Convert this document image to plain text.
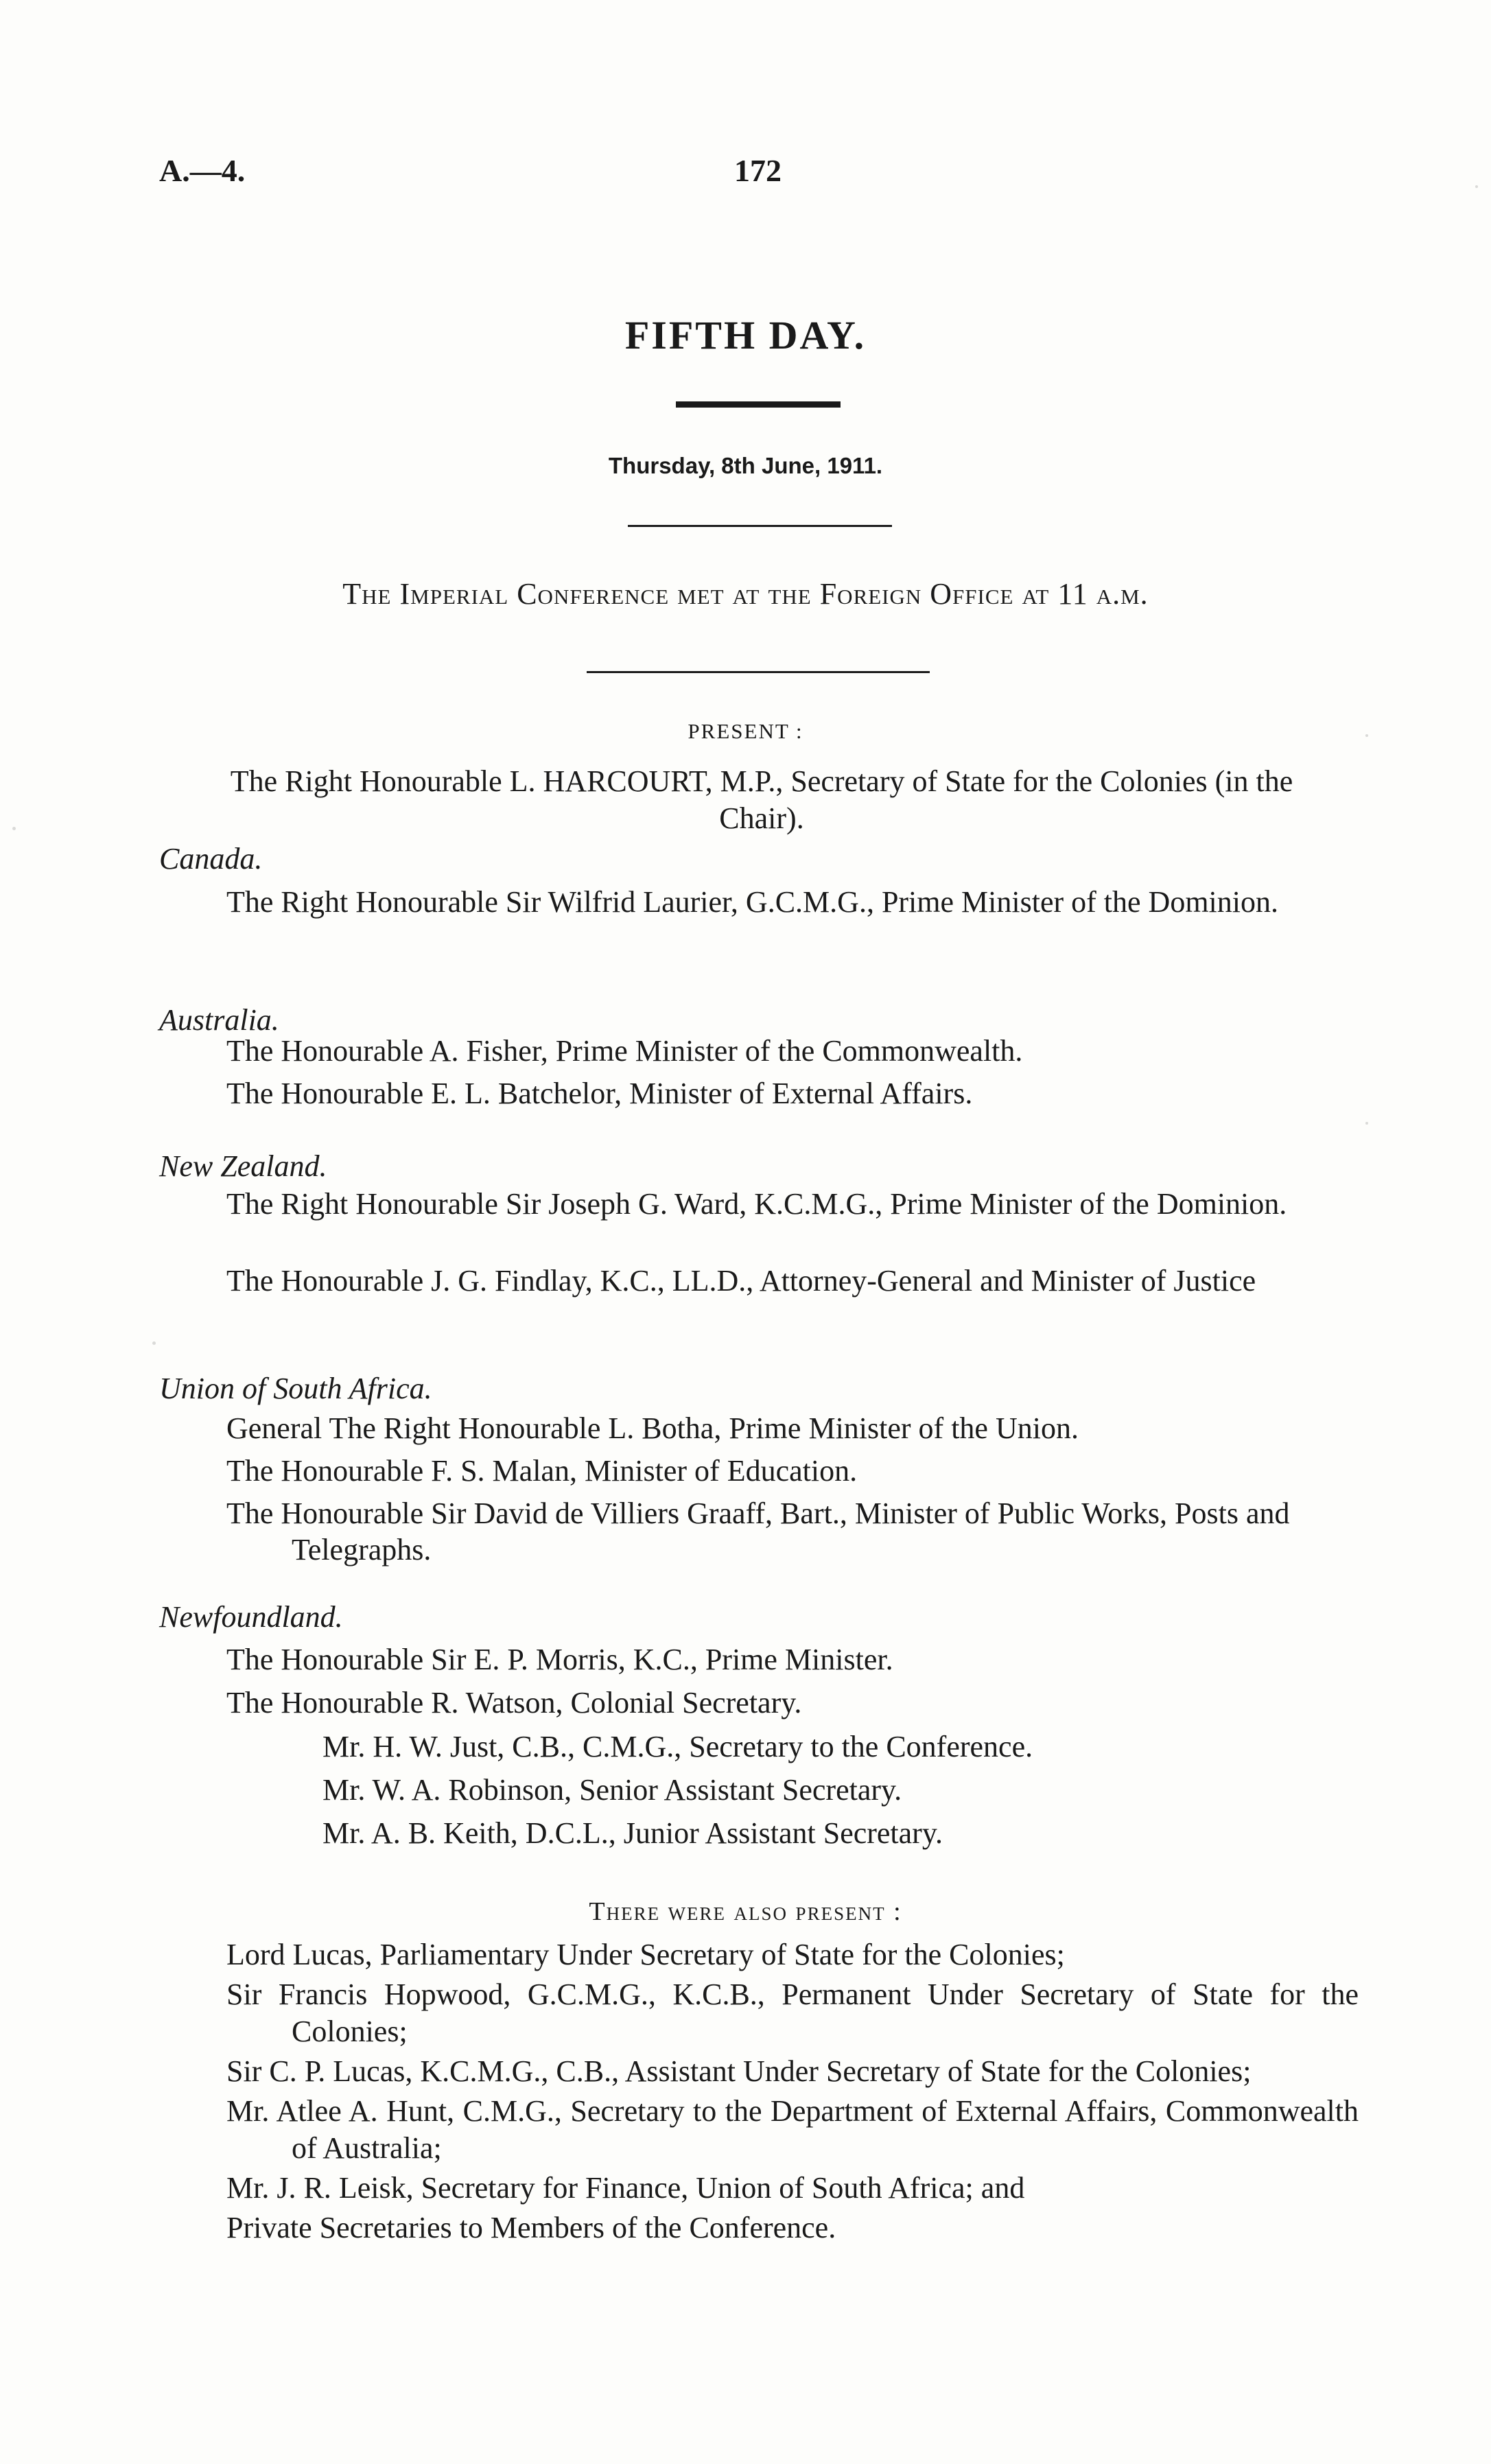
A.—4.	172
FIFTH DAY.
Thursday, 8th June, 1911.
The Imperial Conference met at the Foreign Office at 11 a.m.
PRESENT :
The Right Honourable L. HARCOURT, M.P., Secretary of State for the Colonies (in the Chair).
Canada.
The Right Honourable Sir Wilfrid Laurier, G.C.M.G., Prime Minister of the Dominion.
Australia.
The Honourable A. Fisher, Prime Minister of the Commonwealth.
The Honourable E. L. Batchelor, Minister of External Affairs.
New Zealand.
The Right Honourable Sir Joseph G. Ward, K.C.M.G., Prime Minister of the Dominion.
The Honourable J. G. Findlay, K.C., LL.D., Attorney-General and Minister of Justice
Union of South Africa.
General The Right Honourable L. Botha, Prime Minister of the Union.
The Honourable F. S. Malan, Minister of Education.
The Honourable Sir David de Villiers Graaff, Bart., Minister of Public Works, Posts and Telegraphs.
Newfoundland.
The Honourable Sir E. P. Morris, K.C., Prime Minister.
The Honourable R. Watson, Colonial Secretary.
Mr. H. W. Just, C.B., C.M.G., Secretary to the Conference.
Mr. W. A. Robinson, Senior Assistant Secretary.
Mr. A. B. Keith, D.C.L., Junior Assistant Secretary.
There were also present :
Lord Lucas, Parliamentary Under Secretary of State for the Colonies;
Sir Francis Hopwood, G.C.M.G., K.C.B., Permanent Under Secretary of State for the Colonies;
Sir C. P. Lucas, K.C.M.G., C.B., Assistant Under Secretary of State for the Colonies;
Mr. Atlee A. Hunt, C.M.G., Secretary to the Department of External Affairs, Commonwealth of Australia;
Mr. J. R. Leisk, Secretary for Finance, Union of South Africa; and
Private Secretaries to Members of the Conference.
